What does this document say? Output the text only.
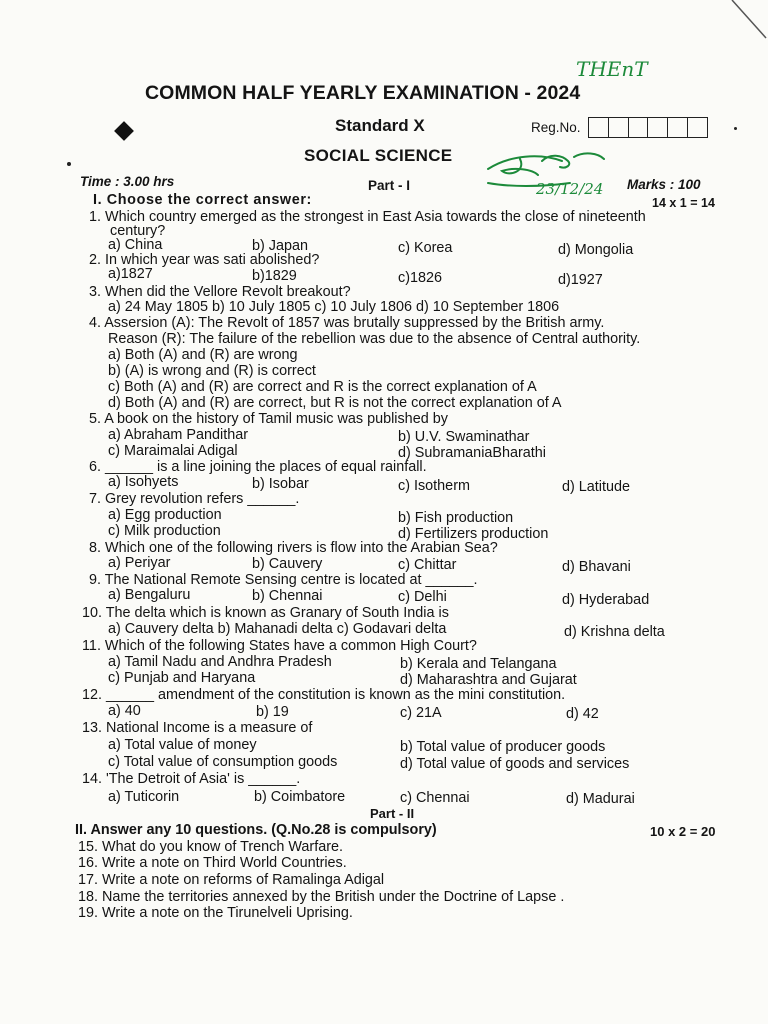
THEnT
COMMON HALF YEARLY EXAMINATION - 2024
Standard X	Reg.No.
SOCIAL SCIENCE
23/12/24
Time : 3.00 hrs	Part - I	Marks : 100
I. Choose the correct answer:	14 x 1 = 14
1. Which country emerged as the strongest in East Asia towards the close of nineteenth
century?
a) China	b) Japan	c) Korea	d) Mongolia
2. In which year was sati abolished?
a)1827	b)1829	c)1826	d)1927
3. When did the Vellore Revolt breakout?
a) 24 May 1805 b) 10 July 1805 c) 10 July 1806 d) 10 September 1806
4. Assersion (A): The Revolt of 1857 was brutally suppressed by the British army.
Reason (R): The failure of the rebellion was due to the absence of Central authority.
a) Both (A) and (R) are wrong
b) (A) is wrong and (R) is correct
c) Both (A) and (R) are correct and R is the correct explanation of A
d) Both (A) and (R) are correct, but R is not the correct explanation of A
5. A book on the history of Tamil music was published by
a) Abraham Pandithar	b) U.V. Swaminathar
c) Maraimalai Adigal	d) SubramaniaBharathi
6. ______ is a line joining the places of equal rainfall.
a) Isohyets	b) Isobar	c) Isotherm	d) Latitude
7. Grey revolution refers ______.
a) Egg production	b) Fish production
c) Milk production	d) Fertilizers production
8. Which one of the following rivers is flow into the Arabian Sea?
a) Periyar	b) Cauvery	c) Chittar	d) Bhavani
9. The National Remote Sensing centre is located at ______.
a) Bengaluru	b) Chennai	c) Delhi	d) Hyderabad
10. The delta which is known as Granary of South India is
a) Cauvery delta b) Mahanadi delta c) Godavari delta	d) Krishna delta
11. Which of the following States have a common High Court?
a) Tamil Nadu and Andhra Pradesh	b) Kerala and Telangana
c) Punjab and Haryana	d) Maharashtra and Gujarat
12. ______ amendment of the constitution is known as the mini constitution.
a) 40	b) 19	c) 21A	d) 42
13. National Income is a measure of
a) Total value of money	b) Total value of producer goods
c) Total value of consumption goods	d) Total value of goods and services
14. 'The Detroit of Asia' is ______.
a) Tuticorin	b) Coimbatore	c) Chennai	d) Madurai
Part - II
II. Answer any 10 questions. (Q.No.28 is compulsory)	10 x 2 = 20
15. What do you know of Trench Warfare.
16. Write a note on Third World Countries.
17. Write a note on reforms of Ramalinga Adigal
18. Name the territories annexed by the British under the Doctrine of Lapse .
19. Write a note on the Tirunelveli Uprising.
